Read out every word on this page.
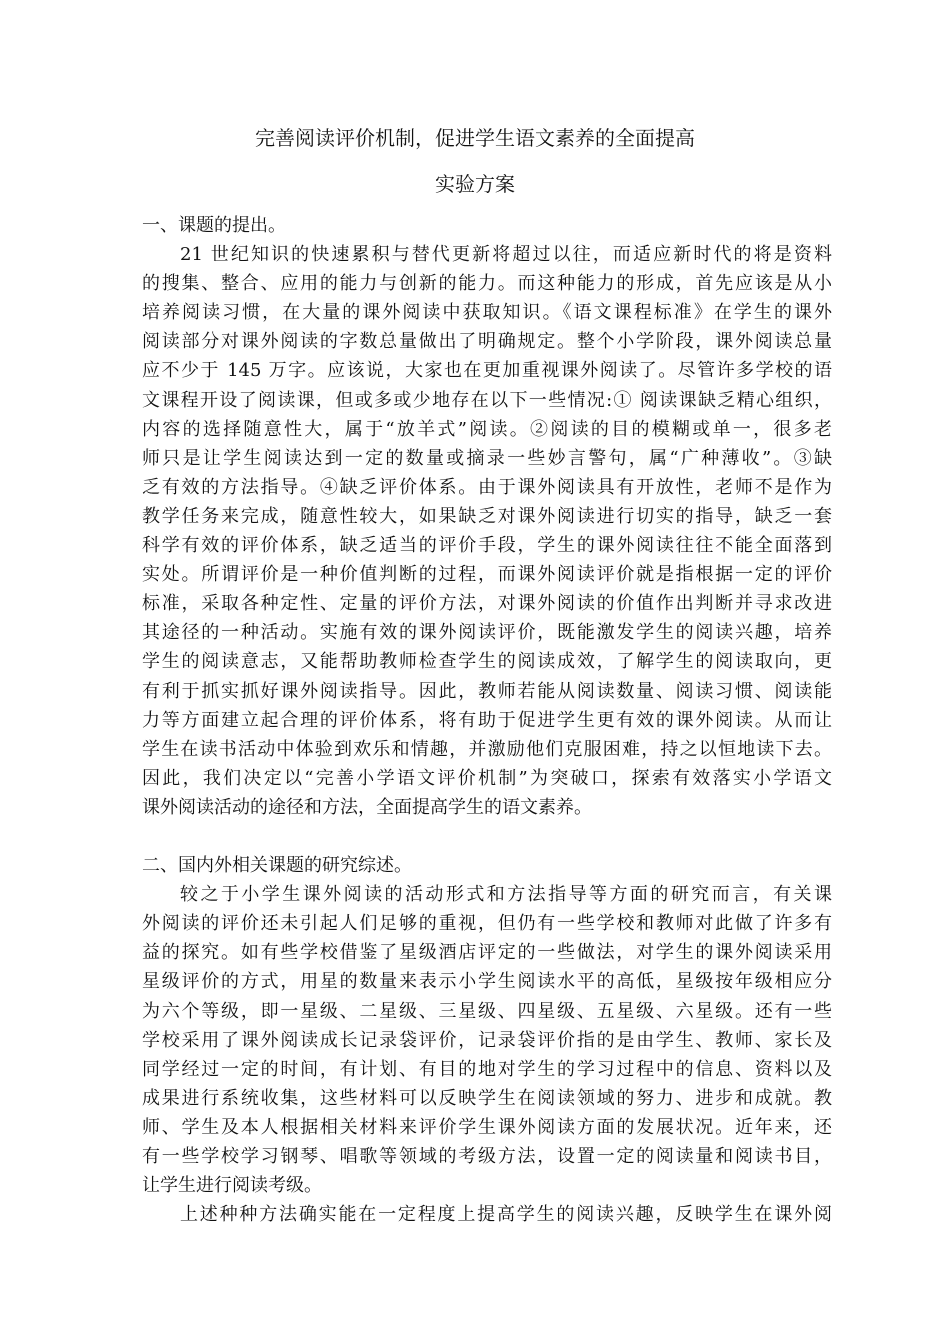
完善阅读评价机制，促进学生语文素养的全面提高
实验方案
一、课题的提出。
21 世纪知识的快速累积与替代更新将超过以往，而适应新时代的将是资料
的搜集、整合、应用的能力与创新的能力。而这种能力的形成，首先应该是从小
培养阅读习惯，在大量的课外阅读中获取知识。《语文课程标准》在学生的课外
阅读部分对课外阅读的字数总量做出了明确规定。整个小学阶段，课外阅读总量
应不少于 145 万字。应该说，大家也在更加重视课外阅读了。尽管许多学校的语
文课程开设了阅读课，但或多或少地存在以下一些情况:① 阅读课缺乏精心组织，
内容的选择随意性大，属于“放羊式”阅读。②阅读的目的模糊或单一，很多老
师只是让学生阅读达到一定的数量或摘录一些妙言警句，属“广种薄收”。③缺
乏有效的方法指导。④缺乏评价体系。由于课外阅读具有开放性，老师不是作为
教学任务来完成，随意性较大，如果缺乏对课外阅读进行切实的指导，缺乏一套
科学有效的评价体系，缺乏适当的评价手段，学生的课外阅读往往不能全面落到
实处。所谓评价是一种价值判断的过程，而课外阅读评价就是指根据一定的评价
标准，采取各种定性、定量的评价方法，对课外阅读的价值作出判断并寻求改进
其途径的一种活动。实施有效的课外阅读评价，既能激发学生的阅读兴趣，培养
学生的阅读意志，又能帮助教师检查学生的阅读成效，了解学生的阅读取向，更
有利于抓实抓好课外阅读指导。因此，教师若能从阅读数量、阅读习惯、阅读能
力等方面建立起合理的评价体系，将有助于促进学生更有效的课外阅读。从而让
学生在读书活动中体验到欢乐和情趣，并激励他们克服困难，持之以恒地读下去。
因此，我们决定以“完善小学语文评价机制”为突破口，探索有效落实小学语文
课外阅读活动的途径和方法，全面提高学生的语文素养。
二、国内外相关课题的研究综述。
较之于小学生课外阅读的活动形式和方法指导等方面的研究而言，有关课
外阅读的评价还未引起人们足够的重视，但仍有一些学校和教师对此做了许多有
益的探究。如有些学校借鉴了星级酒店评定的一些做法，对学生的课外阅读采用
星级评价的方式，用星的数量来表示小学生阅读水平的高低，星级按年级相应分
为六个等级，即一星级、二星级、三星级、四星级、五星级、六星级。还有一些
学校采用了课外阅读成长记录袋评价，记录袋评价指的是由学生、教师、家长及
同学经过一定的时间，有计划、有目的地对学生的学习过程中的信息、资料以及
成果进行系统收集，这些材料可以反映学生在阅读领域的努力、进步和成就。教
师、学生及本人根据相关材料来评价学生课外阅读方面的发展状况。近年来，还
有一些学校学习钢琴、唱歌等领域的考级方法，设置一定的阅读量和阅读书目，
让学生进行阅读考级。
上述种种方法确实能在一定程度上提高学生的阅读兴趣，反映学生在课外阅
